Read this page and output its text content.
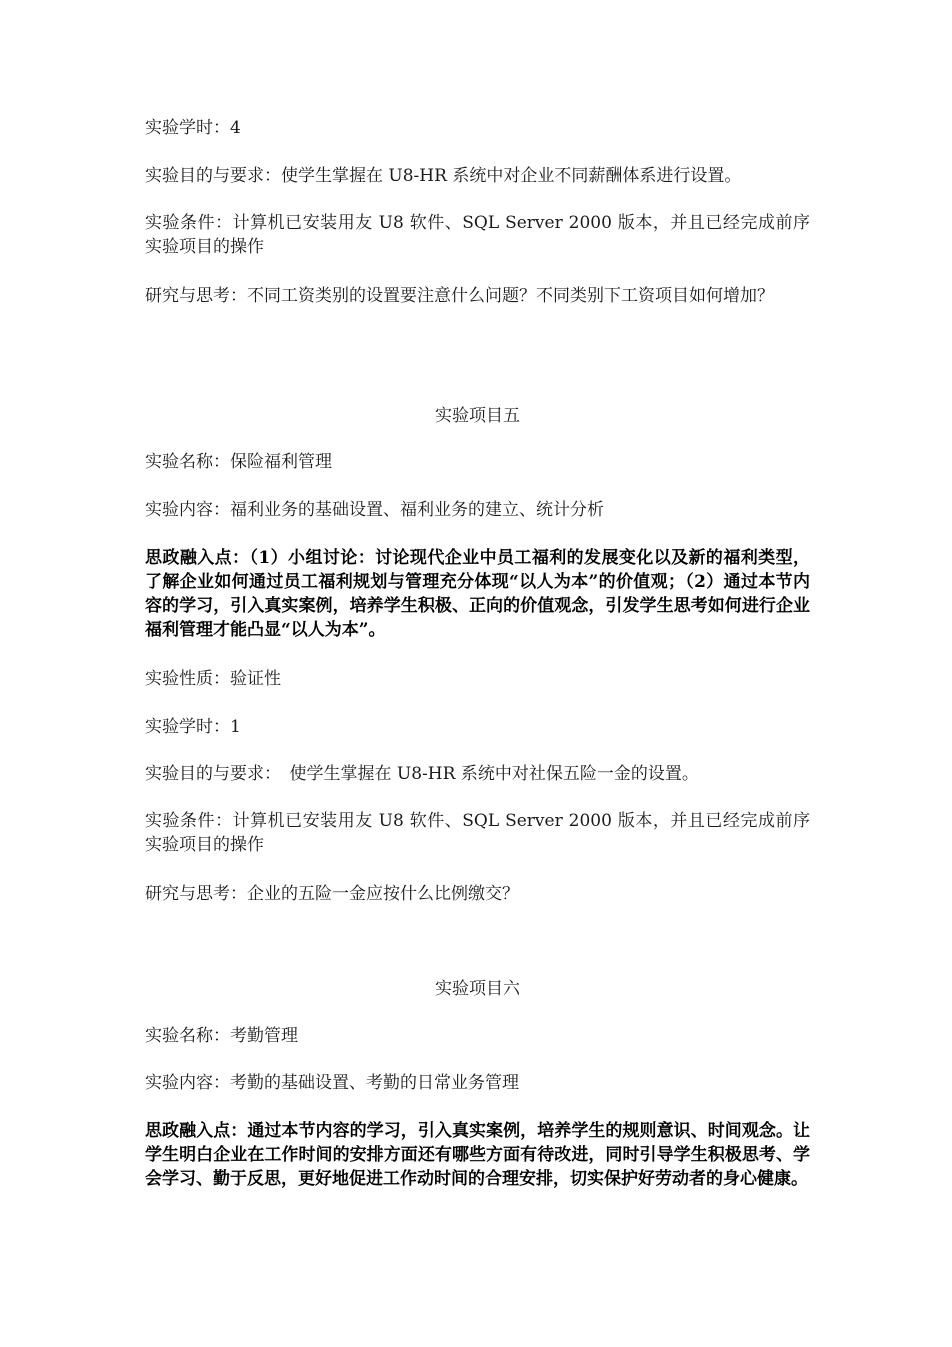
实验学时：4
实验目的与要求：使学生掌握在 U8-HR 系统中对企业不同薪酬体系进行设置。
实验条件：计算机已安装用友 U8 软件、SQL Server 2000 版本，并且已经完成前序实验项目的操作
研究与思考：不同工资类别的设置要注意什么问题？不同类别下工资项目如何增加？
实验项目五
实验名称：保险福利管理
实验内容：福利业务的基础设置、福利业务的建立、统计分析
思政融入点：（1）小组讨论：讨论现代企业中员工福利的发展变化以及新的福利类型，了解企业如何通过员工福利规划与管理充分体现“以人为本”的价值观；（2）通过本节内容的学习，引入真实案例，培养学生积极、正向的价值观念，引发学生思考如何进行企业福利管理才能凸显“以人为本”。
实验性质：验证性
实验学时：1
实验目的与要求：　使学生掌握在 U8-HR 系统中对社保五险一金的设置。
实验条件：计算机已安装用友 U8 软件、SQL Server 2000 版本，并且已经完成前序实验项目的操作
研究与思考：企业的五险一金应按什么比例缴交？
实验项目六
实验名称：考勤管理
实验内容：考勤的基础设置、考勤的日常业务管理
思政融入点：通过本节内容的学习，引入真实案例，培养学生的规则意识、时间观念。让学生明白企业在工作时间的安排方面还有哪些方面有待改进，同时引导学生积极思考、学会学习、勤于反思，更好地促进工作动时间的合理安排，切实保护好劳动者的身心健康。
